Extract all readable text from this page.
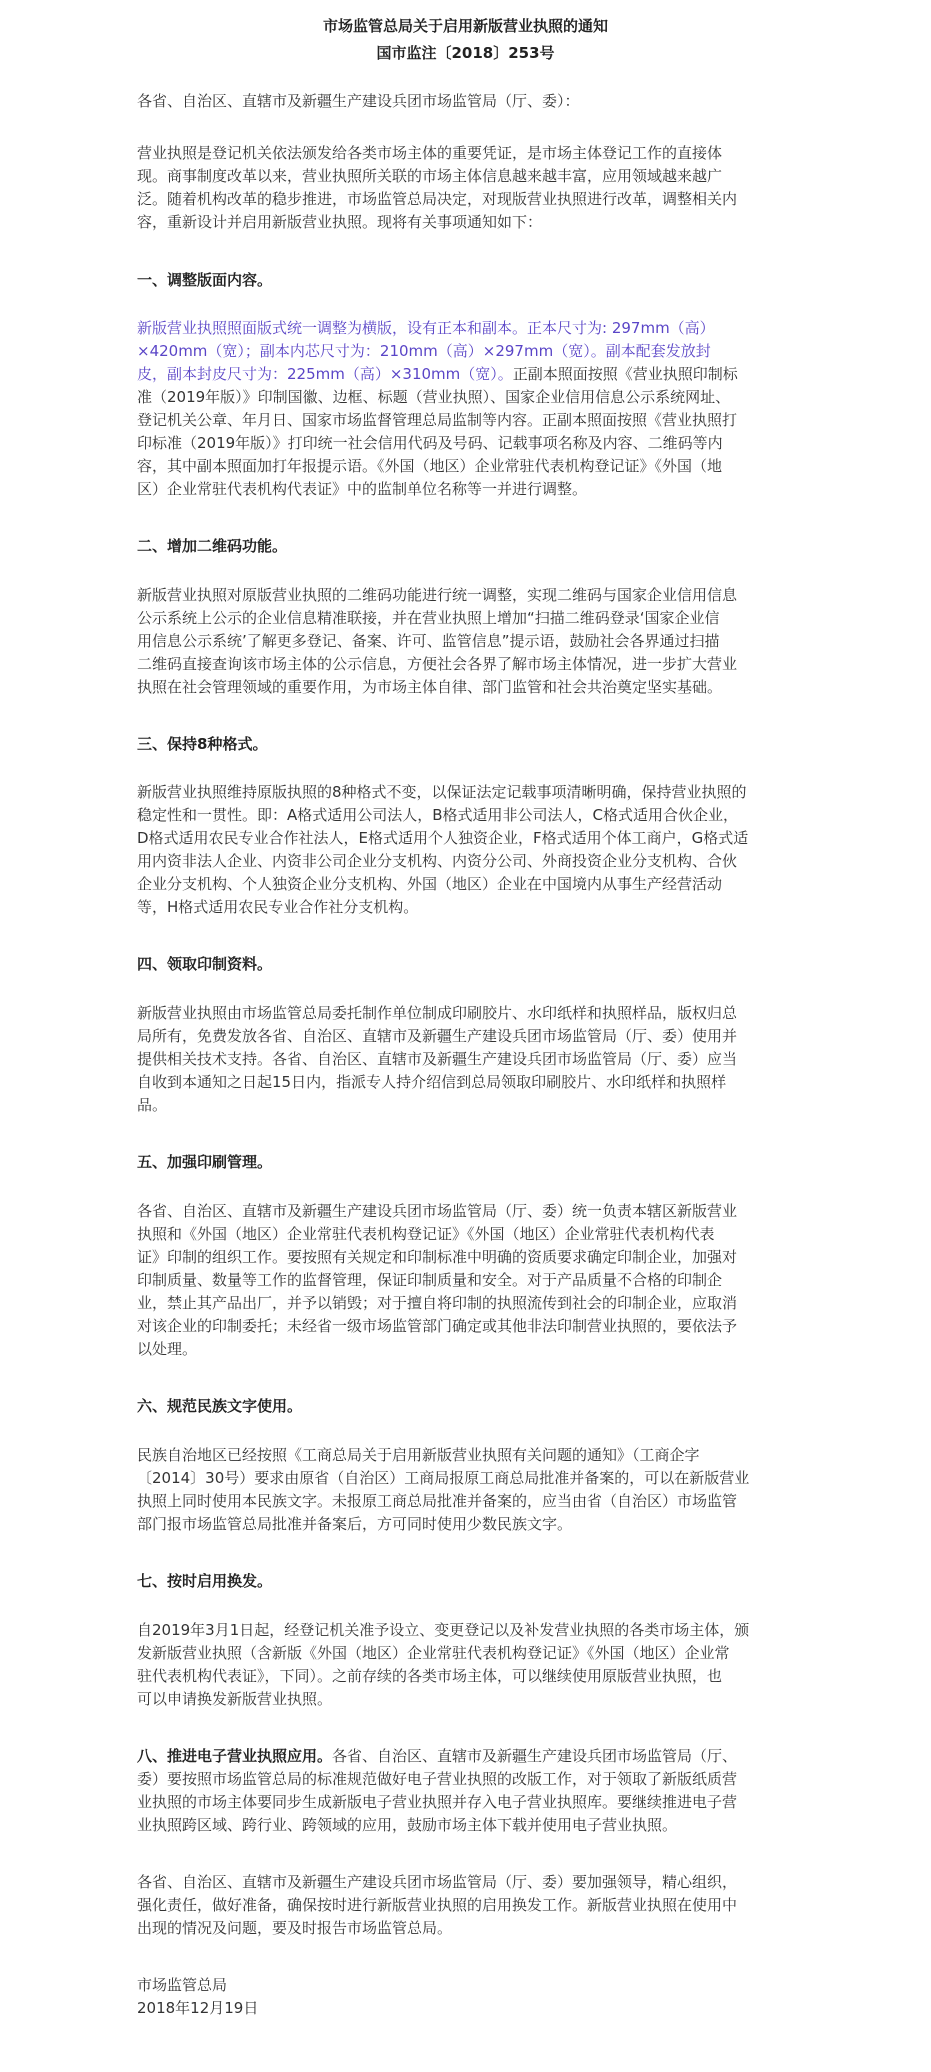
市场监管总局关于启用新版营业执照的通知
国市监注〔2018〕253号
各省、自治区、直辖市及新疆生产建设兵团市场监管局（厅、委）：
营业执照是登记机关依法颁发给各类市场主体的重要凭证，是市场主体登记工作的直接体
现。商事制度改革以来，营业执照所关联的市场主体信息越来越丰富，应用领域越来越广
泛。随着机构改革的稳步推进，市场监管总局决定，对现版营业执照进行改革，调整相关内
容，重新设计并启用新版营业执照。现将有关事项通知如下：
一、调整版面内容。
新版营业执照照面版式统一调整为横版，设有正本和副本。正本尺寸为: 297mm（高）
×420mm（宽）；副本内芯尺寸为：210mm（高）×297mm（宽）。副本配套发放封
皮，副本封皮尺寸为：225mm（高）×310mm（宽）。正副本照面按照《营业执照印制标
准（2019年版）》印制国徽、边框、标题（营业执照）、国家企业信用信息公示系统网址、
登记机关公章、年月日、国家市场监督管理总局监制等内容。正副本照面按照《营业执照打
印标准（2019年版）》打印统一社会信用代码及号码、记载事项名称及内容、二维码等内
容，其中副本照面加打年报提示语。《外国（地区）企业常驻代表机构登记证》《外国（地
区）企业常驻代表机构代表证》中的监制单位名称等一并进行调整。
二、增加二维码功能。
新版营业执照对原版营业执照的二维码功能进行统一调整，实现二维码与国家企业信用信息
公示系统上公示的企业信息精准联接，并在营业执照上增加“扫描二维码登录‘国家企业信
用信息公示系统’了解更多登记、备案、许可、监管信息”提示语，鼓励社会各界通过扫描
二维码直接查询该市场主体的公示信息，方便社会各界了解市场主体情况，进一步扩大营业
执照在社会管理领域的重要作用，为市场主体自律、部门监管和社会共治奠定坚实基础。
三、保持8种格式。
新版营业执照维持原版执照的8种格式不变，以保证法定记载事项清晰明确，保持营业执照的
稳定性和一贯性。即：A格式适用公司法人，B格式适用非公司法人，C格式适用合伙企业，
D格式适用农民专业合作社法人，E格式适用个人独资企业，F格式适用个体工商户，G格式适
用内资非法人企业、内资非公司企业分支机构、内资分公司、外商投资企业分支机构、合伙
企业分支机构、个人独资企业分支机构、外国（地区）企业在中国境内从事生产经营活动
等，H格式适用农民专业合作社分支机构。
四、领取印制资料。
新版营业执照由市场监管总局委托制作单位制成印刷胶片、水印纸样和执照样品，版权归总
局所有，免费发放各省、自治区、直辖市及新疆生产建设兵团市场监管局（厅、委）使用并
提供相关技术支持。各省、自治区、直辖市及新疆生产建设兵团市场监管局（厅、委）应当
自收到本通知之日起15日内，指派专人持介绍信到总局领取印刷胶片、水印纸样和执照样
品。
五、加强印刷管理。
各省、自治区、直辖市及新疆生产建设兵团市场监管局（厅、委）统一负责本辖区新版营业
执照和《外国（地区）企业常驻代表机构登记证》《外国（地区）企业常驻代表机构代表
证》印制的组织工作。要按照有关规定和印制标准中明确的资质要求确定印制企业，加强对
印制质量、数量等工作的监督管理，保证印制质量和安全。对于产品质量不合格的印制企
业，禁止其产品出厂，并予以销毁；对于擅自将印制的执照流传到社会的印制企业，应取消
对该企业的印制委托；未经省一级市场监管部门确定或其他非法印制营业执照的，要依法予
以处理。
六、规范民族文字使用。
民族自治地区已经按照《工商总局关于启用新版营业执照有关问题的通知》（工商企字
〔2014〕30号）要求由原省（自治区）工商局报原工商总局批准并备案的，可以在新版营业
执照上同时使用本民族文字。未报原工商总局批准并备案的，应当由省（自治区）市场监管
部门报市场监管总局批准并备案后，方可同时使用少数民族文字。
七、按时启用换发。
自2019年3月1日起，经登记机关准予设立、变更登记以及补发营业执照的各类市场主体，颁
发新版营业执照（含新版《外国（地区）企业常驻代表机构登记证》《外国（地区）企业常
驻代表机构代表证》，下同）。之前存续的各类市场主体，可以继续使用原版营业执照，也
可以申请换发新版营业执照。
八、推进电子营业执照应用。各省、自治区、直辖市及新疆生产建设兵团市场监管局（厅、
委）要按照市场监管总局的标准规范做好电子营业执照的改版工作，对于领取了新版纸质营
业执照的市场主体要同步生成新版电子营业执照并存入电子营业执照库。要继续推进电子营
业执照跨区域、跨行业、跨领域的应用，鼓励市场主体下载并使用电子营业执照。
各省、自治区、直辖市及新疆生产建设兵团市场监管局（厅、委）要加强领导，精心组织，
强化责任，做好准备，确保按时进行新版营业执照的启用换发工作。新版营业执照在使用中
出现的情况及问题，要及时报告市场监管总局。
市场监管总局
2018年12月19日
